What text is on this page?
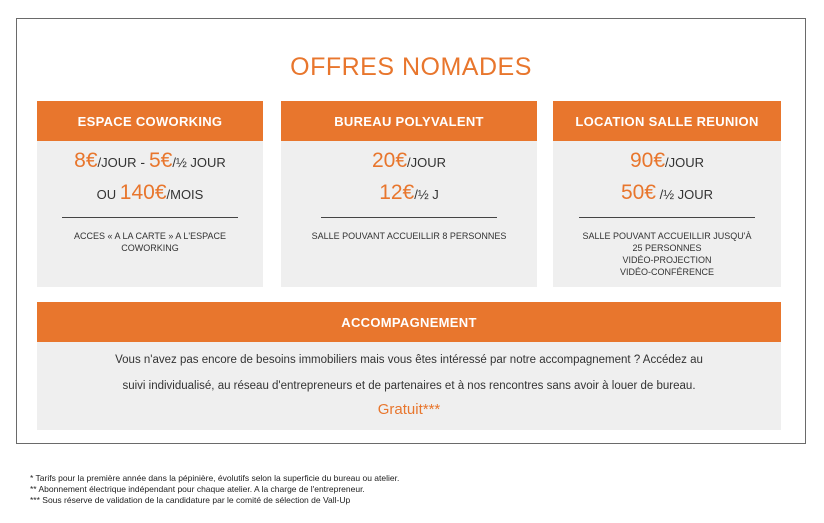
OFFRES NOMADES
ESPACE COWORKING
8€/JOUR - 5€/½ JOUR
OU 140€/MOIS
ACCES « A LA CARTE » A L'ESPACE COWORKING
BUREAU POLYVALENT
20€/JOUR
12€/½ J
SALLE POUVANT ACCUEILLIR 8 PERSONNES
LOCATION SALLE REUNION
90€/JOUR
50€ /½ JOUR
SALLE POUVANT ACCUEILLIR JUSQU'À
25 PERSONNES
VIDÉO-PROJECTION
VIDÉO-CONFÉRENCE
ACCOMPAGNEMENT
Vous n'avez pas encore de besoins immobiliers mais vous êtes intéressé par notre accompagnement ? Accédez au
suivi individualisé, au réseau d'entrepreneurs et de partenaires et à nos rencontres sans avoir à louer de bureau.
Gratuit***
* Tarifs pour la première année dans la pépinière, évolutifs selon la superficie du bureau ou atelier.
** Abonnement électrique indépendant pour chaque atelier. A la charge de l'entrepreneur.
*** Sous réserve de validation de la candidature par le comité de sélection de Vall-Up
